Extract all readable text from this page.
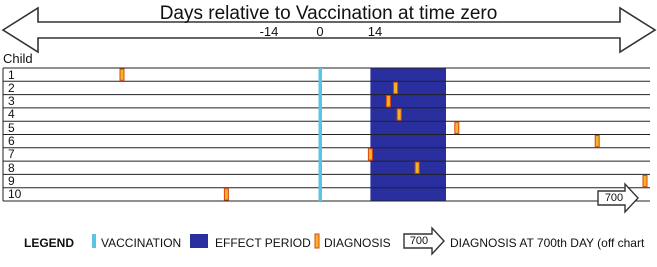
Days relative to Vaccination at time zero
-14	0	14
Child
1
2
3
4
5
6
7
8
9
10	700
LEGEND VACCINATION	EFFECT PERIOD DIAGNOSIS 700 DIAGNOSIS AT 700th DAY (off chart
